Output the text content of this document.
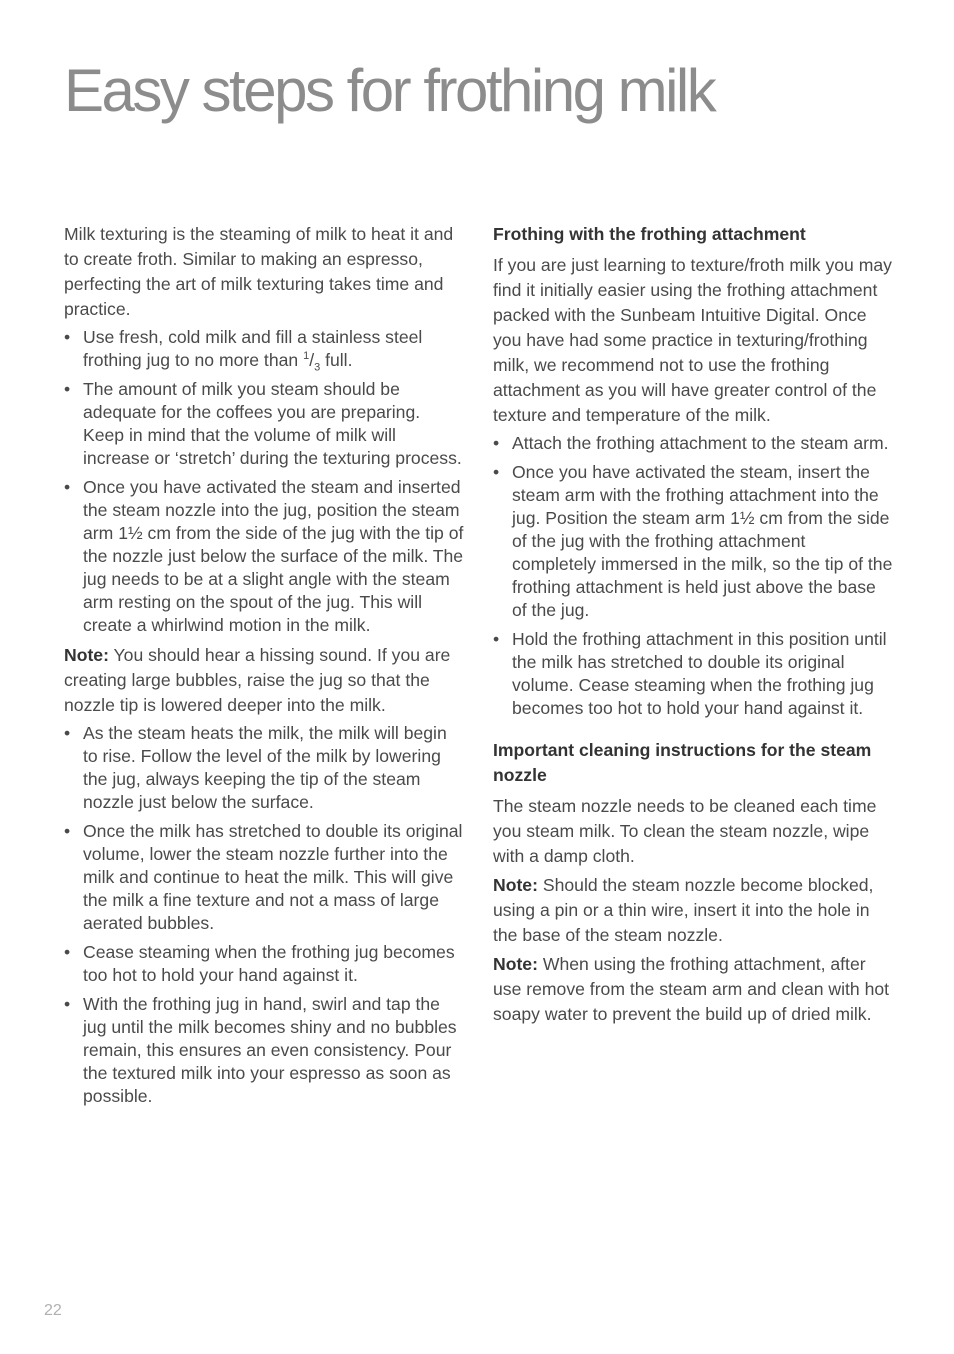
Easy steps for frothing milk

Milk texturing is the steaming of milk to heat it and to create froth. Similar to making an espresso, perfecting the art of milk texturing takes time and practice.

• Use fresh, cold milk and fill a stainless steel frothing jug to no more than $^1/_3$ full.
• The amount of milk you steam should be adequate for the coffees you are preparing. Keep in mind that the volume of milk will increase or ‘stretch’ during the texturing process.
• Once you have activated the steam and inserted the steam nozzle into the jug, position the steam arm 1½ cm from the side of the jug with the tip of the nozzle just below the surface of the milk. The jug needs to be at a slight angle with the steam arm resting on the spout of the jug. This will create a whirlwind motion in the milk.

Note: You should hear a hissing sound. If you are creating large bubbles, raise the jug so that the nozzle tip is lowered deeper into the milk.

• As the steam heats the milk, the milk will begin to rise. Follow the level of the milk by lowering the jug, always keeping the tip of the steam nozzle just below the surface.
• Once the milk has stretched to double its original volume, lower the steam nozzle further into the milk and continue to heat the milk. This will give the milk a fine texture and not a mass of large aerated bubbles.
• Cease steaming when the frothing jug becomes too hot to hold your hand against it.
• With the frothing jug in hand, swirl and tap the jug until the milk becomes shiny and no bubbles remain, this ensures an even consistency. Pour the textured milk into your espresso as soon as possible.
Frothing with the frothing attachment

If you are just learning to texture/froth milk you may find it initially easier using the frothing attachment packed with the Sunbeam Intuitive Digital. Once you have had some practice in texturing/frothing milk, we recommend not to use the frothing attachment as you will have greater control of the texture and temperature of the milk.

• Attach the frothing attachment to the steam arm.
• Once you have activated the steam, insert the steam arm with the frothing attachment into the jug. Position the steam arm 1½ cm from the side of the jug with the frothing attachment completely immersed in the milk, so the tip of the frothing attachment is held just above the base of the jug.
• Hold the frothing attachment in this position until the milk has stretched to double its original volume. Cease steaming when the frothing jug becomes too hot to hold your hand against it.
Important cleaning instructions for the steam nozzle

The steam nozzle needs to be cleaned each time you steam milk. To clean the steam nozzle, wipe with a damp cloth.

Note: Should the steam nozzle become blocked, using a pin or a thin wire, insert it into the hole in the base of the steam nozzle.

Note: When using the frothing attachment, after use remove from the steam arm and clean with hot soapy water to prevent the build up of dried milk.

22
